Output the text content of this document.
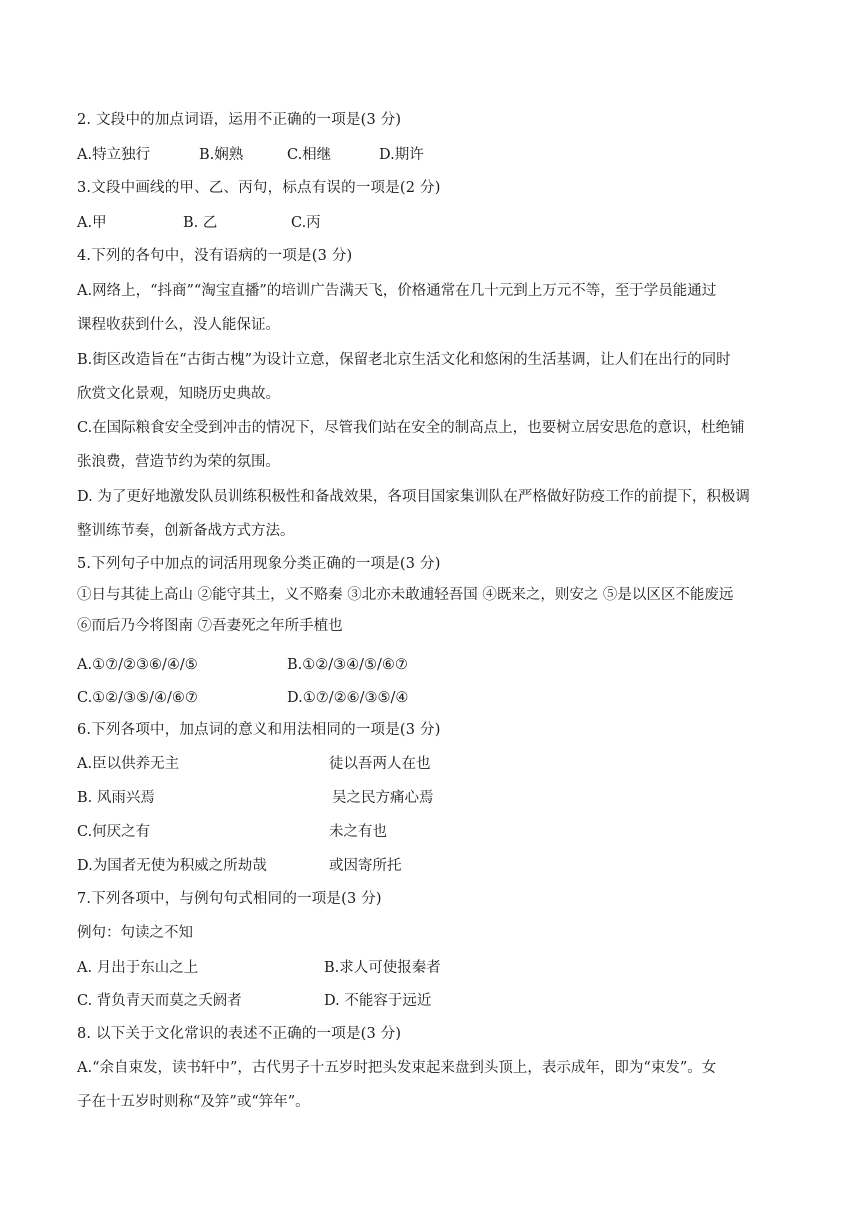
2. 文段中的加点词语，运用不正确的一项是(3 分)
A.特立独行	B.娴熟	C.相继	D.期许
3.文段中画线的甲、乙、丙句，标点有误的一项是(2 分)
A.甲	B. 乙	C.丙
4.下列的各句中，没有语病的一项是(3 分)
A.网络上，“抖商”“淘宝直播”的培训广告满天飞，价格通常在几十元到上万元不等，至于学员能通过
课程收获到什么，没人能保证。
B.街区改造旨在“古街古槐”为设计立意，保留老北京生活文化和悠闲的生活基调，让人们在出行的同时
欣赏文化景观，知晓历史典故。
C.在国际粮食安全受到冲击的情况下，尽管我们站在安全的制高点上，也要树立居安思危的意识，杜绝铺
张浪费，营造节约为荣的氛围。
D. 为了更好地激发队员训练积极性和备战效果，各项目国家集训队在严格做好防疫工作的前提下，积极调
整训练节奏，创新备战方式方法。
5.下列句子中加点的词活用现象分类正确的一项是(3 分)
①日与其徒上高山 ②能守其土，义不赂秦 ③北亦未敢逋轻吾国 ④既来之，则安之 ⑤是以区区不能废远
⑥而后乃今将图南 ⑦吾妻死之年所手植也
A.①⑦/②③⑥/④/⑤	B.①②/③④/⑤/⑥⑦
C.①②/③⑤/④/⑥⑦	D.①⑦/②⑥/③⑤/④
6.下列各项中，加点词的意义和用法相同的一项是(3 分)
A.臣以供养无主	徒以吾两人在也
B. 风雨兴焉	吴之民方痛心焉
C.何厌之有	未之有也
D.为国者无使为积威之所劫哉	或因寄所托
7.下列各项中，与例句句式相同的一项是(3 分)
例句：句读之不知
A. 月出于东山之上	B.求人可使报秦者
C. 背负青天而莫之夭阏者	D. 不能容于远近
8. 以下关于文化常识的表述不正确的一项是(3 分)
A.“余自束发，读书轩中”，古代男子十五岁时把头发束起来盘到头顶上，表示成年，即为“束发”。女
子在十五岁时则称“及笄”或“笄年”。
